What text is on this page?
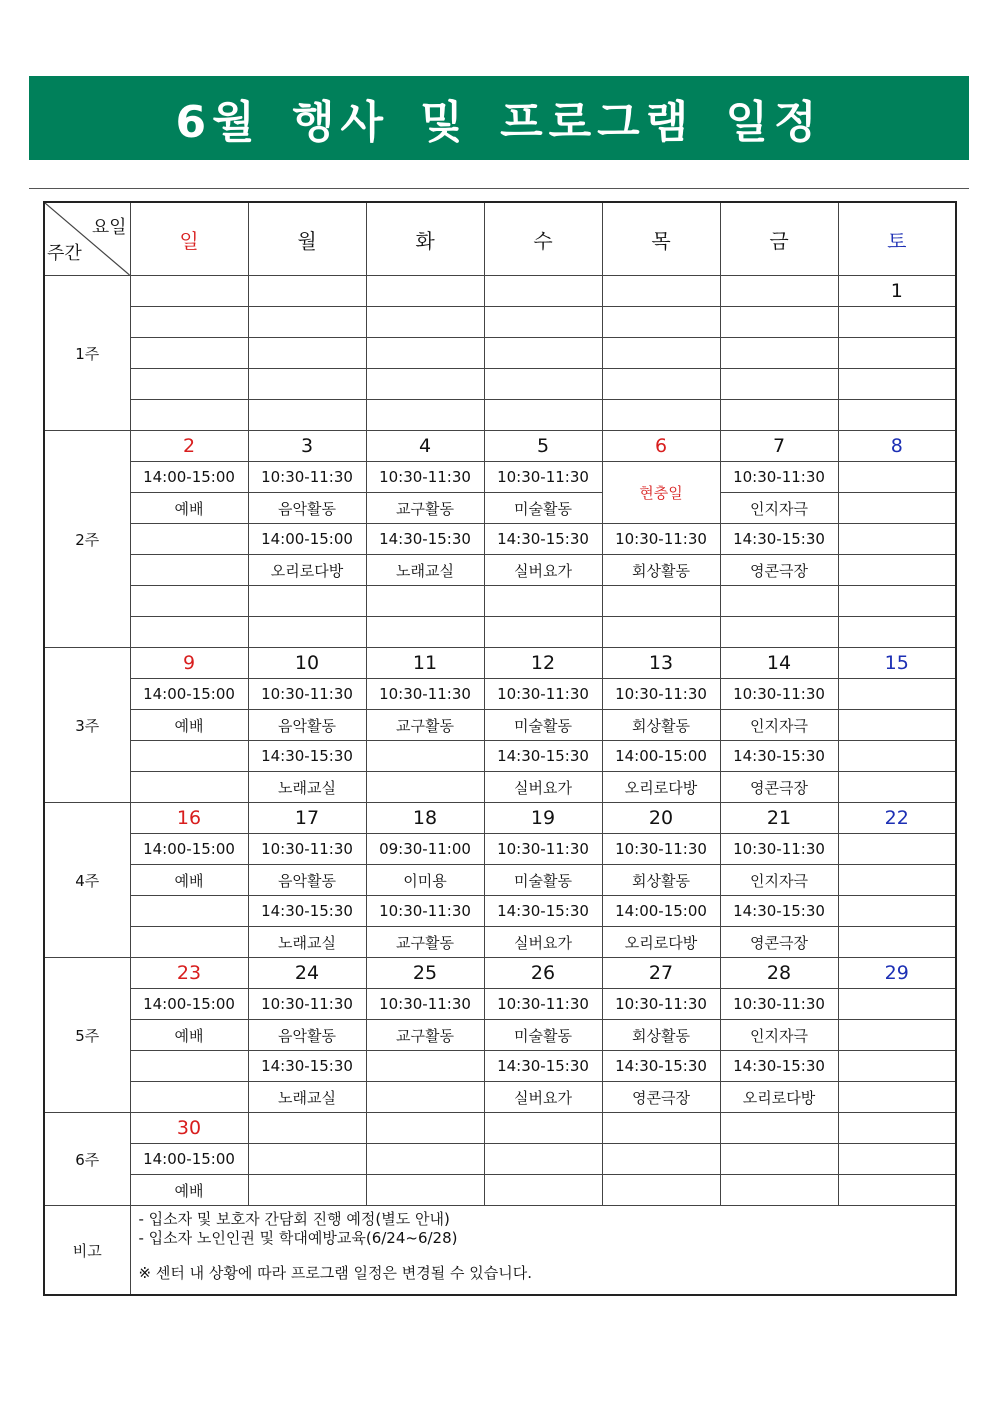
6월 행사 및 프로그램 일정
요일
주간	일	월	화	수	목	금	토
1주							1

2주	2	3	4	5	6	7	8
	14:00-15:00	10:30-11:30	10:30-11:30	10:30-11:30	현충일	10:30-11:30	
	예배	음악활동	교구활동	미술활동		인지자극	
		14:00-15:00	14:30-15:30	14:30-15:30	10:30-11:30	14:30-15:30	
		오리로다방	노래교실	실버요가	회상활동	영콘극장	

3주	9	10	11	12	13	14	15
	14:00-15:00	10:30-11:30	10:30-11:30	10:30-11:30	10:30-11:30	10:30-11:30	
	예배	음악활동	교구활동	미술활동	회상활동	인지자극	
		14:30-15:30		14:30-15:30	14:00-15:00	14:30-15:30	
		노래교실		실버요가	오리로다방	영콘극장	
4주	16	17	18	19	20	21	22
	14:00-15:00	10:30-11:30	09:30-11:00	10:30-11:30	10:30-11:30	10:30-11:30	
	예배	음악활동	이미용	미술활동	회상활동	인지자극	
		14:30-15:30	10:30-11:30	14:30-15:30	14:00-15:00	14:30-15:30	
		노래교실	교구활동	실버요가	오리로다방	영콘극장	
5주	23	24	25	26	27	28	29
	14:00-15:00	10:30-11:30	10:30-11:30	10:30-11:30	10:30-11:30	10:30-11:30	
	예배	음악활동	교구활동	미술활동	회상활동	인지자극	
		14:30-15:30		14:30-15:30	14:30-15:30	14:30-15:30	
		노래교실		실버요가	영콘극장	오리로다방	
6주	30						
	14:00-15:00						
	예배						
비고	- 입소자 및 보호자 간담회 진행 예정(별도 안내)
- 입소자 노인인권 및 학대예방교육(6/24~6/28)
※ 센터 내 상황에 따라 프로그램 일정은 변경될 수 있습니다.						
